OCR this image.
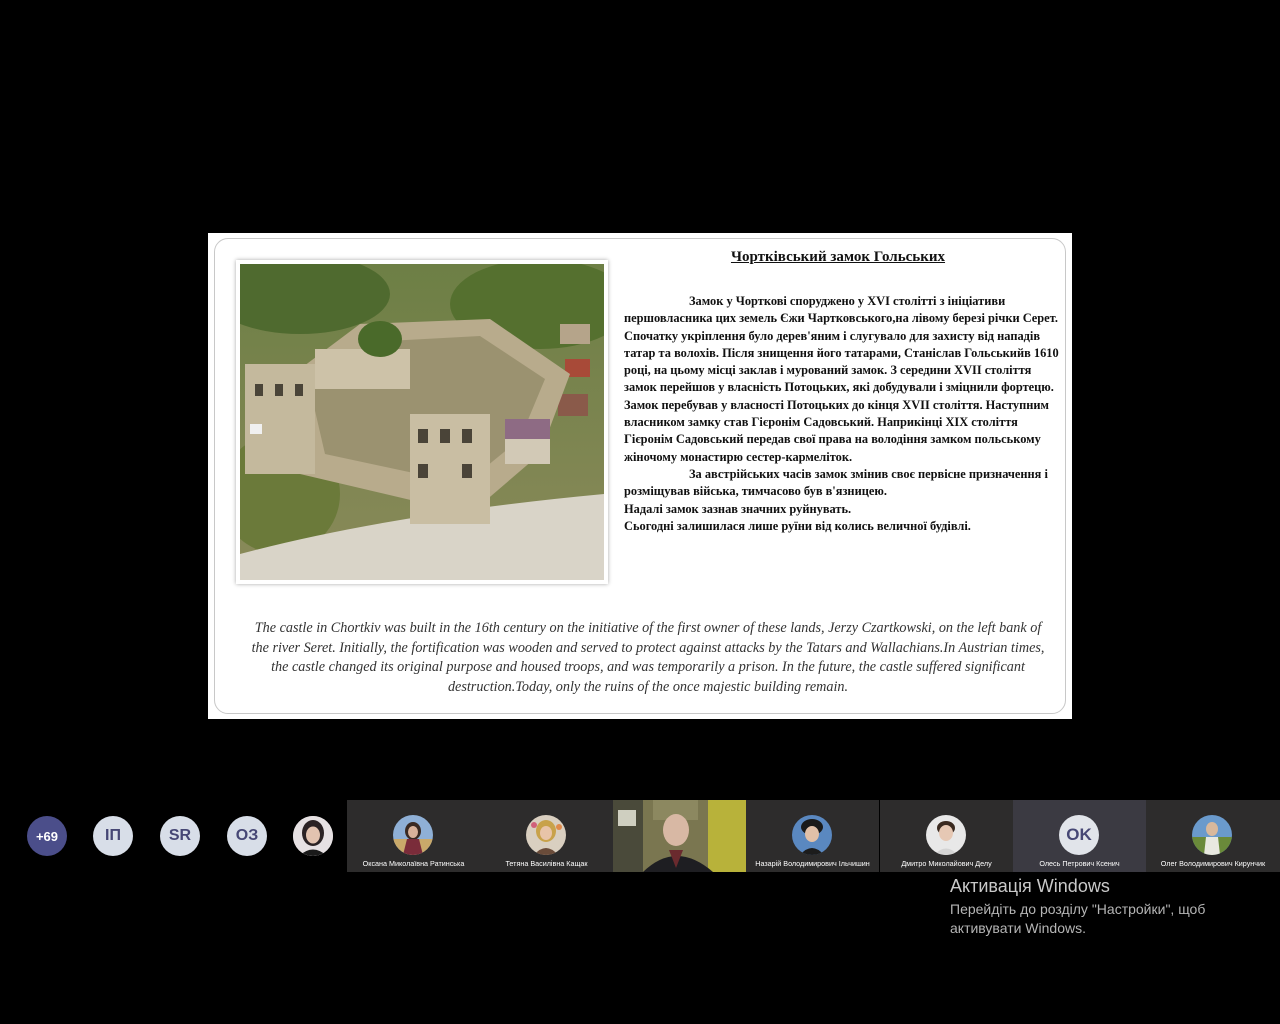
Чортківський замок Гольських

Замок у Чорткові споруджено у XVI столітті з ініціативи першовласника цих земель Єжи Чартковського,на лівому березі річки Серет.

Спочатку укріплення було дерев'яним і слугувало для захисту від нападів татар та волохів. Після знищення його татарами, Станіслав Гольськийв 1610 році, на цьому місці заклав і мурований замок. З середини XVII століття замок перейшов у власність Потоцьких, які добудували і зміцнили фортецю. Замок перебував у власності Потоцьких до кінця XVII століття. Наступним власником замку став Гієронім Садовський. Наприкінці XIX століття Гієронім Садовський передав свої права на володіння замком польському жіночому монастирю сестер-кармеліток.

За австрійських часів замок змінив своє первісне призначення і розміщував війська, тимчасово був в'язницею.

Надалі замок зазнав значних руйнувать.

Сьогодні залишилася лише руїни від колись величної будівлі.

The castle in Chortkiv was built in the 16th century on the initiative of the first owner of these lands, Jerzy Czartkowski, on the left bank of the river Seret. Initially, the fortification was wooden and served to protect against attacks by the Tatars and Wallachians.In Austrian times, the castle changed its original purpose and housed troops, and was temporarily a prison. In the future, the castle suffered significant destruction.Today, only the ruins of the once majestic building remain.
+69	ІП	SR	ОЗ
Оксана Миколаївна Ратинська	Тетяна Василівна Кащак	Назарій Володимирович Ільчишин	Дмитро Миколайович Делу
OK
Олесь Петрович Ксенич	Олег Володимирович Кирунчик
Активація Windows
Перейдіть до розділу "Настройки", щоб активувати Windows.
